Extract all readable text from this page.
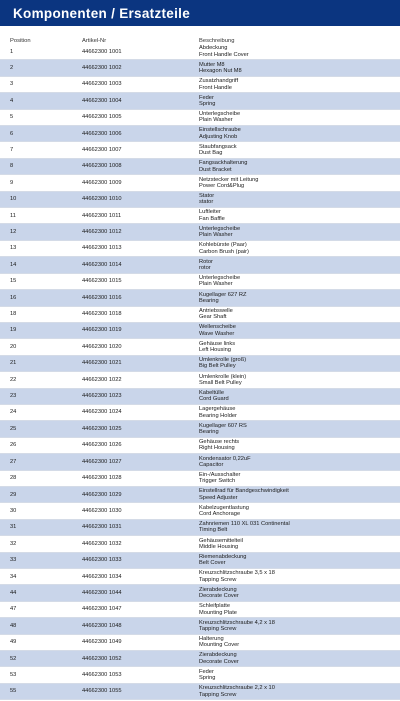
Komponenten / Ersatzteile
Position	Artikel-Nr	Beschreibung
1	44662300 1001
Abdeckung
Front Handle Cover
2	44662300 1002
Mutter M8
Hexagon Nut M8
3	44662300 1003
Zusatzhandgriff
Front Handle
4	44662300 1004
Feder
Spring
5	44662300 1005
Unterlegscheibe
Plain Washer
6	44662300 1006
Einstellschraube
Adjusting Knob
7	44662300 1007
Staubfangsack
Dust Bag
8	44662300 1008
Fangsackhalterung
Dust Bracket
9	44662300 1009
Netzstecker mit Leitung
Power Cord&Plug
10	44662300 1010
Stator
stator
11	44662300 1011
Luftleiter
Fan Baffle
12	44662300 1012
Unterlegscheibe
Plain Washer
13	44662300 1013
Kohlebürste (Paar)
Carbon Brush (pair)
14	44662300 1014
Rotor
rotor
15	44662300 1015
Unterlegscheibe
Plain Washer
16	44662300 1016
Kugellager 627 RZ
Bearing
18	44662300 1018
Antriebswelle
Gear Shaft
19	44662300 1019
Wellenscheibe
Wave Washer
20	44662300 1020
Gehäuse links
Left Housing
21	44662300 1021
Umlenkrolle (groß)
Big Belt Pulley
22	44662300 1022
Umlenkrolle (klein)
Small Belt Pulley
23	44662300 1023
Kabeltülle
Cord Guard
24	44662300 1024
Lagergehäuse
Bearing Holder
25	44662300 1025
Kugellager 607 RS
Bearing
26	44662300 1026
Gehäuse rechts
Right Housing
27	44662300 1027
Kondensator 0,22uF
Capacitor
28	44662300 1028
Ein-/Ausschalter
Trigger Switch
29	44662300 1029
Einstellrad für Bandgeschwindigkeit
Speed Adjuster
30	44662300 1030
Kabelzugentlastung
Cord Anchorage
31	44662300 1031
Zahnriemen 110 XL 031 Continental
Timing Belt
32	44662300 1032
Gehäusemittelteil
Middle Housing
33	44662300 1033
Riemenabdeckung
Belt Cover
34	44662300 1034
Kreuzschlitzschraube 3,5 x 18
Tapping Screw
44	44662300 1044
Zierabdeckung
Decorate Cover
47	44662300 1047
Schleifplatte
Mounting Plate
48	44662300 1048
Kreuzschlitzschraube 4,2 x 18
Tapping Screw
49	44662300 1049
Halterung
Mounting Cover
52	44662300 1052
Zierabdeckung
Decorate Cover
53	44662300 1053
Feder
Spring
55	44662300 1055
Kreuzschlitzschraube 2,2 x 10
Tapping Screw
